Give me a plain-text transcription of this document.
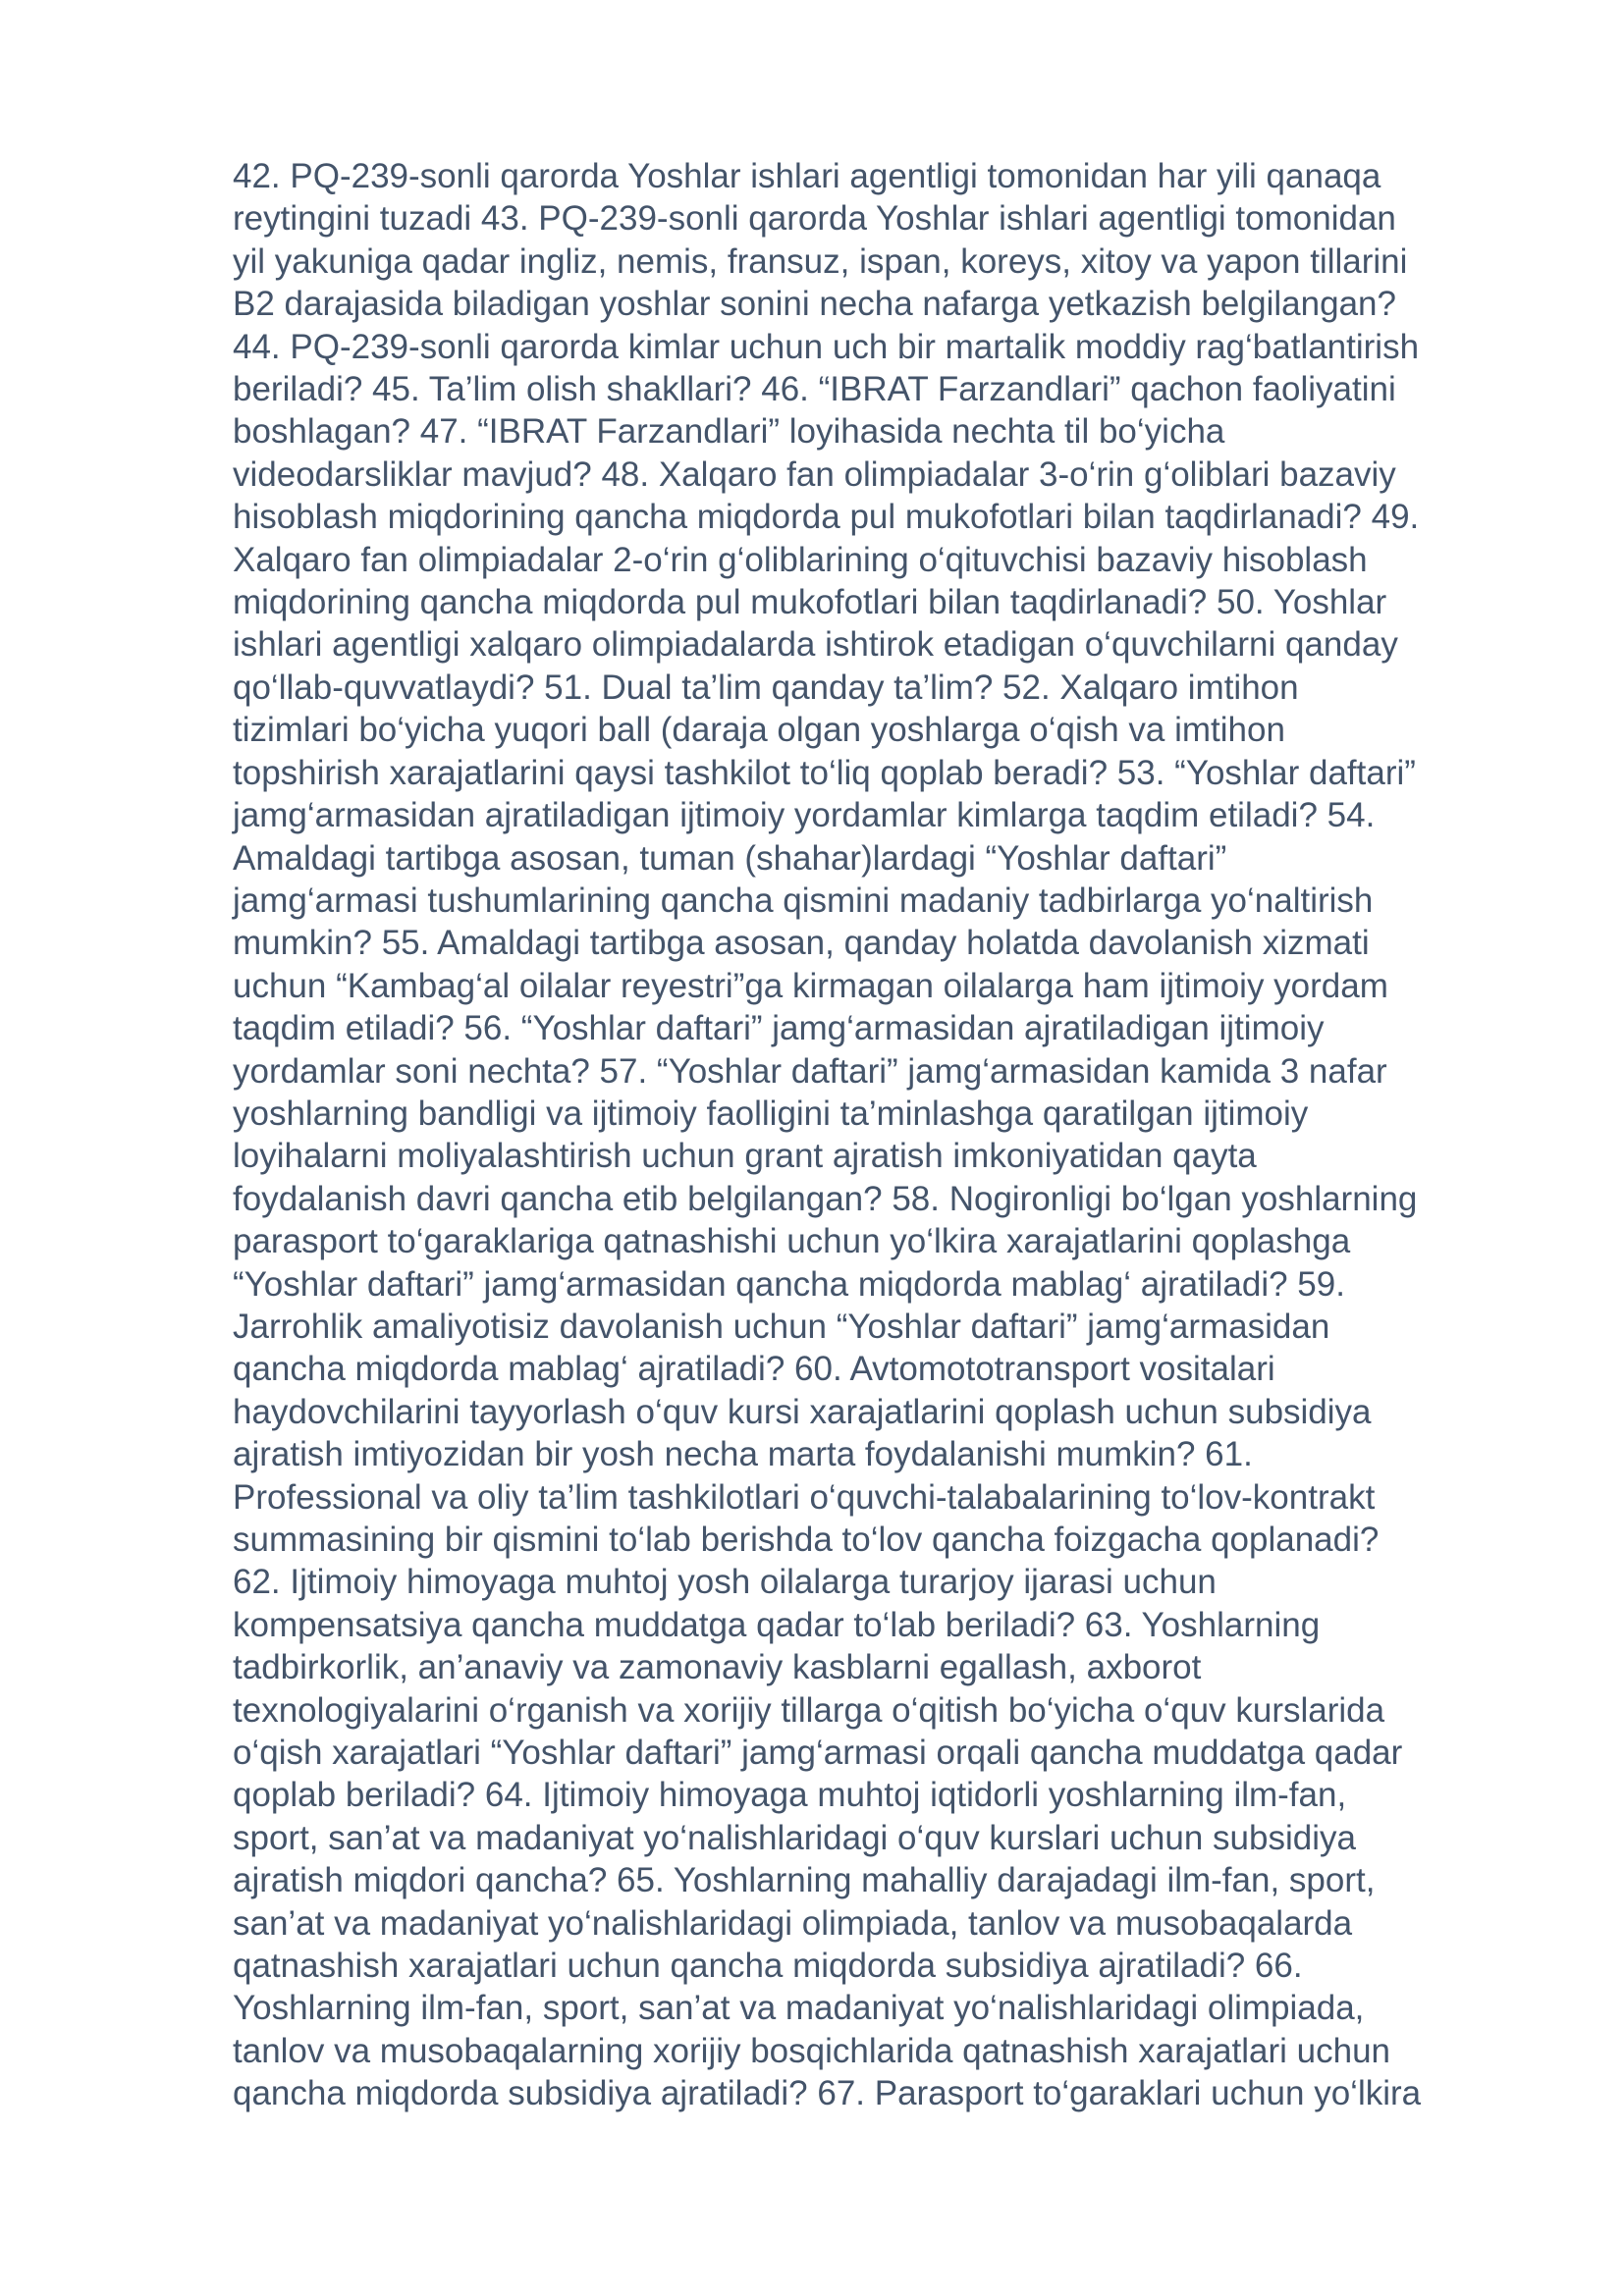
42. PQ-239-sonli qarorda Yoshlar ishlari agentligi tomonidan har yili qanaqa
reytingini tuzadi 43. PQ-239-sonli qarorda Yoshlar ishlari agentligi tomonidan
yil yakuniga qadar ingliz, nemis, fransuz, ispan, koreys, xitoy va yapon tillarini
B2 darajasida biladigan yoshlar sonini necha nafarga yetkazish belgilangan?
44. PQ-239-sonli qarorda kimlar uchun uch bir martalik moddiy rag‘batlantirish
beriladi? 45. Ta’lim olish shakllari? 46. “IBRAT Farzandlari” qachon faoliyatini
boshlagan? 47. “IBRAT Farzandlari” loyihasida nechta til bo‘yicha
videodarsliklar mavjud? 48. Xalqaro fan olimpiadalar 3-o‘rin g‘oliblari bazaviy
hisoblash miqdorining qancha miqdorda pul mukofotlari bilan taqdirlanadi? 49.
Xalqaro fan olimpiadalar 2-o‘rin g‘oliblarining o‘qituvchisi bazaviy hisoblash
miqdorining qancha miqdorda pul mukofotlari bilan taqdirlanadi? 50. Yoshlar
ishlari agentligi xalqaro olimpiadalarda ishtirok etadigan o‘quvchilarni qanday
qo‘llab-quvvatlaydi? 51. Dual ta’lim qanday ta’lim? 52. Xalqaro imtihon
tizimlari bo‘yicha yuqori ball (daraja olgan yoshlarga o‘qish va imtihon
topshirish xarajatlarini qaysi tashkilot to‘liq qoplab beradi? 53. “Yoshlar daftari”
jamg‘armasidan ajratiladigan ijtimoiy yordamlar kimlarga taqdim etiladi? 54.
Amaldagi tartibga asosan, tuman (shahar)lardagi “Yoshlar daftari”
jamg‘armasi tushumlarining qancha qismini madaniy tadbirlarga yo‘naltirish
mumkin? 55. Amaldagi tartibga asosan, qanday holatda davolanish xizmati
uchun “Kambag‘al oilalar reyestri”ga kirmagan oilalarga ham ijtimoiy yordam
taqdim etiladi? 56. “Yoshlar daftari” jamg‘armasidan ajratiladigan ijtimoiy
yordamlar soni nechta? 57. “Yoshlar daftari” jamg‘armasidan kamida 3 nafar
yoshlarning bandligi va ijtimoiy faolligini ta’minlashga qaratilgan ijtimoiy
loyihalarni moliyalashtirish uchun grant ajratish imkoniyatidan qayta
foydalanish davri qancha etib belgilangan? 58. Nogironligi bo‘lgan yoshlarning
parasport to‘garaklariga qatnashishi uchun yo‘lkira xarajatlarini qoplashga
“Yoshlar daftari” jamg‘armasidan qancha miqdorda mablag‘ ajratiladi? 59.
Jarrohlik amaliyotisiz davolanish uchun “Yoshlar daftari” jamg‘armasidan
qancha miqdorda mablag‘ ajratiladi? 60. Avtomototransport vositalari
haydovchilarini tayyorlash o‘quv kursi xarajatlarini qoplash uchun subsidiya
ajratish imtiyozidan bir yosh necha marta foydalanishi mumkin? 61.
Professional va oliy ta’lim tashkilotlari o‘quvchi-talabalarining to‘lov-kontrakt
summasining bir qismini to‘lab berishda to‘lov qancha foizgacha qoplanadi?
62. Ijtimoiy himoyaga muhtoj yosh oilalarga turarjoy ijarasi uchun
kompensatsiya qancha muddatga qadar to‘lab beriladi? 63. Yoshlarning
tadbirkorlik, an’anaviy va zamonaviy kasblarni egallash, axborot
texnologiyalarini o‘rganish va xorijiy tillarga o‘qitish bo‘yicha o‘quv kurslarida
o‘qish xarajatlari “Yoshlar daftari” jamg‘armasi orqali qancha muddatga qadar
qoplab beriladi? 64. Ijtimoiy himoyaga muhtoj iqtidorli yoshlarning ilm-fan,
sport, san’at va madaniyat yo‘nalishlaridagi o‘quv kurslari uchun subsidiya
ajratish miqdori qancha? 65. Yoshlarning mahalliy darajadagi ilm-fan, sport,
san’at va madaniyat yo‘nalishlaridagi olimpiada, tanlov va musobaqalarda
qatnashish xarajatlari uchun qancha miqdorda subsidiya ajratiladi? 66.
Yoshlarning ilm-fan, sport, san’at va madaniyat yo‘nalishlaridagi olimpiada,
tanlov va musobaqalarning xorijiy bosqichlarida qatnashish xarajatlari uchun
qancha miqdorda subsidiya ajratiladi? 67. Parasport to‘garaklari uchun yo‘lkira
